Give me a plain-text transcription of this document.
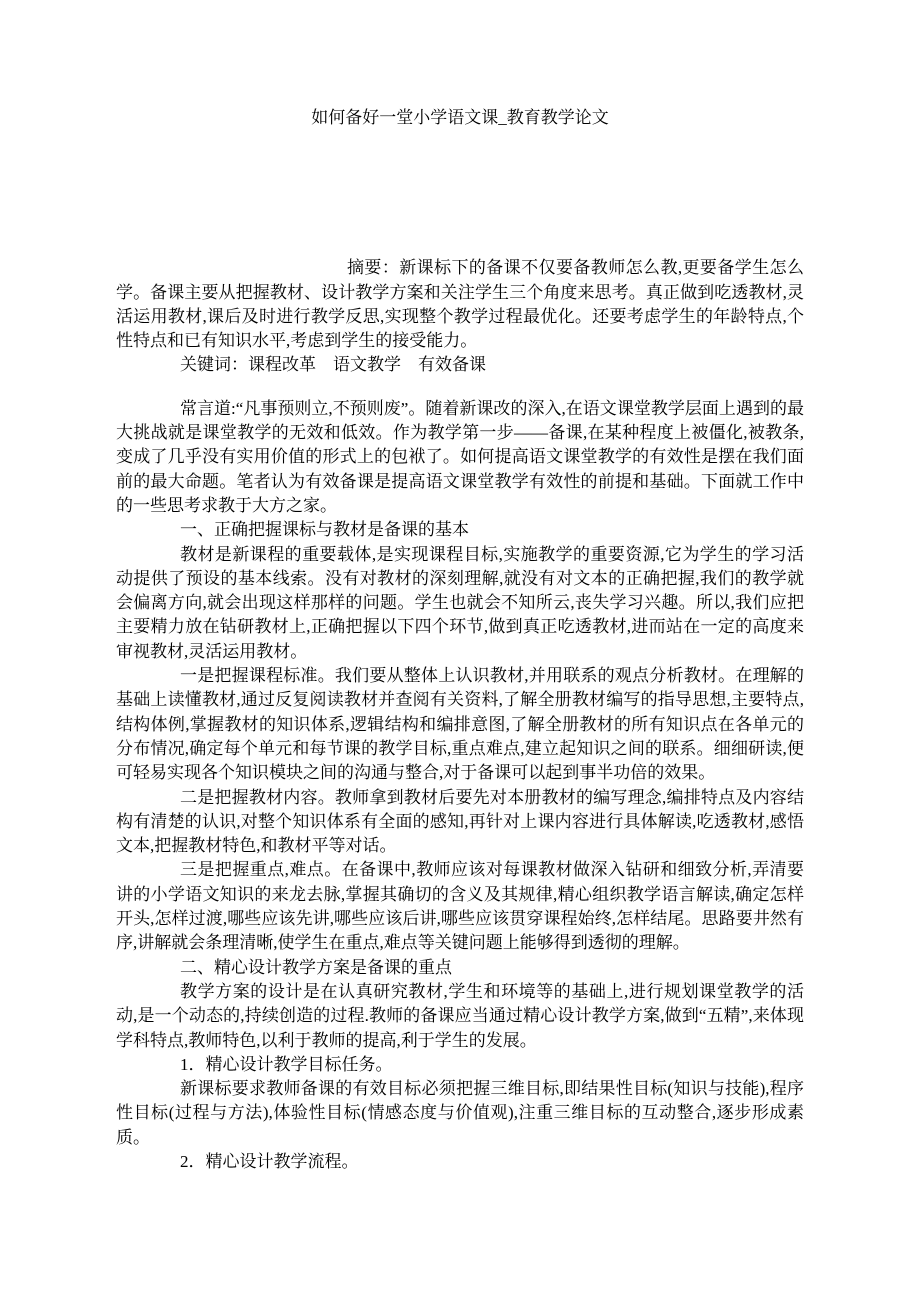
如何备好一堂小学语文课_教育教学论文

摘要：新课标下的备课不仅要备教师怎么教,更要备学生怎么学。备课主要从把握教材、设计教学方案和关注学生三个角度来思考。真正做到吃透教材,灵活运用教材,课后及时进行教学反思,实现整个教学过程最优化。还要考虑学生的年龄特点,个性特点和已有知识水平,考虑到学生的接受能力。

关键词：课程改革　语文教学　有效备课

常言道:“凡事预则立,不预则废”。随着新课改的深入,在语文课堂教学层面上遇到的最大挑战就是课堂教学的无效和低效。作为教学第一步——备课,在某种程度上被僵化,被教条,变成了几乎没有实用价值的形式上的包袱了。如何提高语文课堂教学的有效性是摆在我们面前的最大命题。笔者认为有效备课是提高语文课堂教学有效性的前提和基础。下面就工作中的一些思考求教于大方之家。

一、正确把握课标与教材是备课的基本

教材是新课程的重要载体,是实现课程目标,实施教学的重要资源,它为学生的学习活动提供了预设的基本线索。没有对教材的深刻理解,就没有对文本的正确把握,我们的教学就会偏离方向,就会出现这样那样的问题。学生也就会不知所云,丧失学习兴趣。所以,我们应把主要精力放在钻研教材上,正确把握以下四个环节,做到真正吃透教材,进而站在一定的高度来审视教材,灵活运用教材。

一是把握课程标准。我们要从整体上认识教材,并用联系的观点分析教材。在理解的基础上读懂教材,通过反复阅读教材并查阅有关资料,了解全册教材编写的指导思想,主要特点,结构体例,掌握教材的知识体系,逻辑结构和编排意图,了解全册教材的所有知识点在各单元的分布情况,确定每个单元和每节课的教学目标,重点难点,建立起知识之间的联系。细细研读,便可轻易实现各个知识模块之间的沟通与整合,对于备课可以起到事半功倍的效果。

二是把握教材内容。教师拿到教材后要先对本册教材的编写理念,编排特点及内容结构有清楚的认识,对整个知识体系有全面的感知,再针对上课内容进行具体解读,吃透教材,感悟文本,把握教材特色,和教材平等对话。

三是把握重点,难点。在备课中,教师应该对每课教材做深入钻研和细致分析,弄清要讲的小学语文知识的来龙去脉,掌握其确切的含义及其规律,精心组织教学语言解读,确定怎样开头,怎样过渡,哪些应该先讲,哪些应该后讲,哪些应该贯穿课程始终,怎样结尾。思路要井然有序,讲解就会条理清晰,使学生在重点,难点等关键问题上能够得到透彻的理解。

二、精心设计教学方案是备课的重点

教学方案的设计是在认真研究教材,学生和环境等的基础上,进行规划课堂教学的活动,是一个动态的,持续创造的过程.教师的备课应当通过精心设计教学方案,做到“五精”,来体现学科特点,教师特色,以利于教师的提高,利于学生的发展。

1．精心设计教学目标任务。

新课标要求教师备课的有效目标必须把握三维目标,即结果性目标(知识与技能),程序性目标(过程与方法),体验性目标(情感态度与价值观),注重三维目标的互动整合,逐步形成素质。

2．精心设计教学流程。
